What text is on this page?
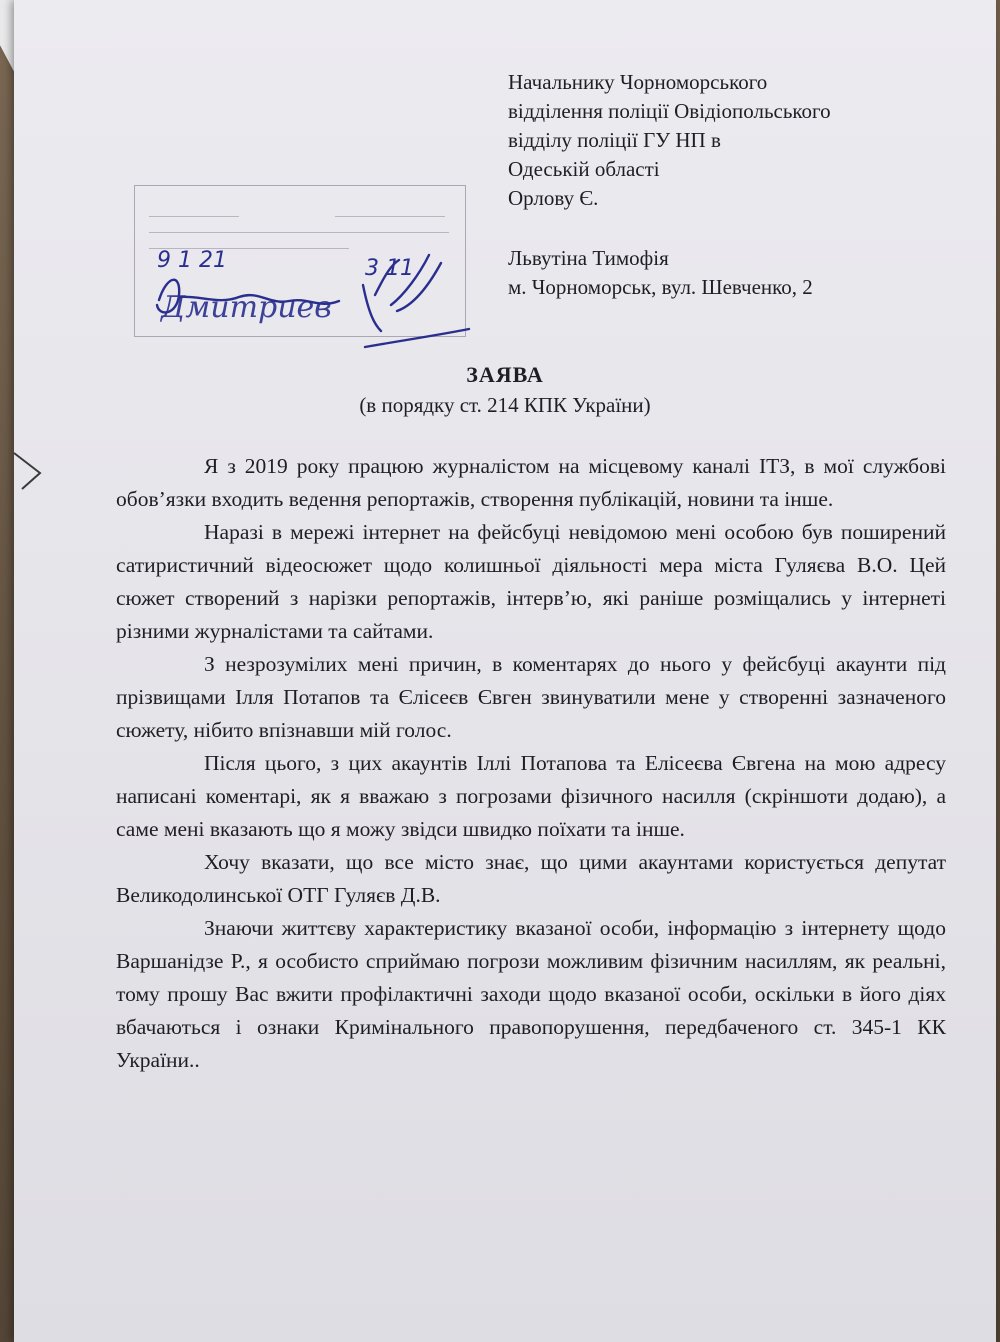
Начальнику Чорноморського
відділення поліції Овідіопольського
відділу поліції ГУ НП в
Одеській області
Орлову Є.
Львутіна Тимофія
м. Чорноморськ, вул. Шевченко, 2
9 1 21	3 11
Дмитриев
ЗАЯВА
(в порядку ст. 214 КПК України)

Я з 2019 року працюю журналістом на місцевому каналі ІТЗ, в мої службові обов’язки входить ведення репортажів, створення публікацій, новини та інше.

Наразі в мережі інтернет на фейсбуці невідомою мені особою був поширений сатиристичний відеосюжет щодо колишньої діяльності мера міста Гуляєва В.О. Цей сюжет створений з нарізки репортажів, інтерв’ю, які раніше розміщались у інтернеті різними журналістами та сайтами.

З незрозумілих мені причин, в коментарях до нього у фейсбуці акаунти під прізвищами Ілля Потапов та Єлісеєв Євген звинуватили мене у створенні зазначеного сюжету, нібито впізнавши мій голос.

Після цього, з цих акаунтів Іллі Потапова та Елісеєва Євгена на мою адресу написані коментарі, як я вважаю з погрозами фізичного насилля (скріншоти додаю), а саме мені вказають що я можу звідси швидко поїхати та інше.

Хочу вказати, що все місто знає, що цими акаунтами користується депутат Великодолинської ОТГ Гуляєв Д.В.

Знаючи життєву характеристику вказаної особи, інформацію з інтернету щодо Варшанідзе Р., я особисто сприймаю погрози можливим фізичним насиллям, як реальні, тому прошу Вас вжити профілактичні заходи щодо вказаної особи, оскільки в його діях вбачаються і ознаки Кримінального правопорушення, передбаченого ст. 345-1 КК України..
